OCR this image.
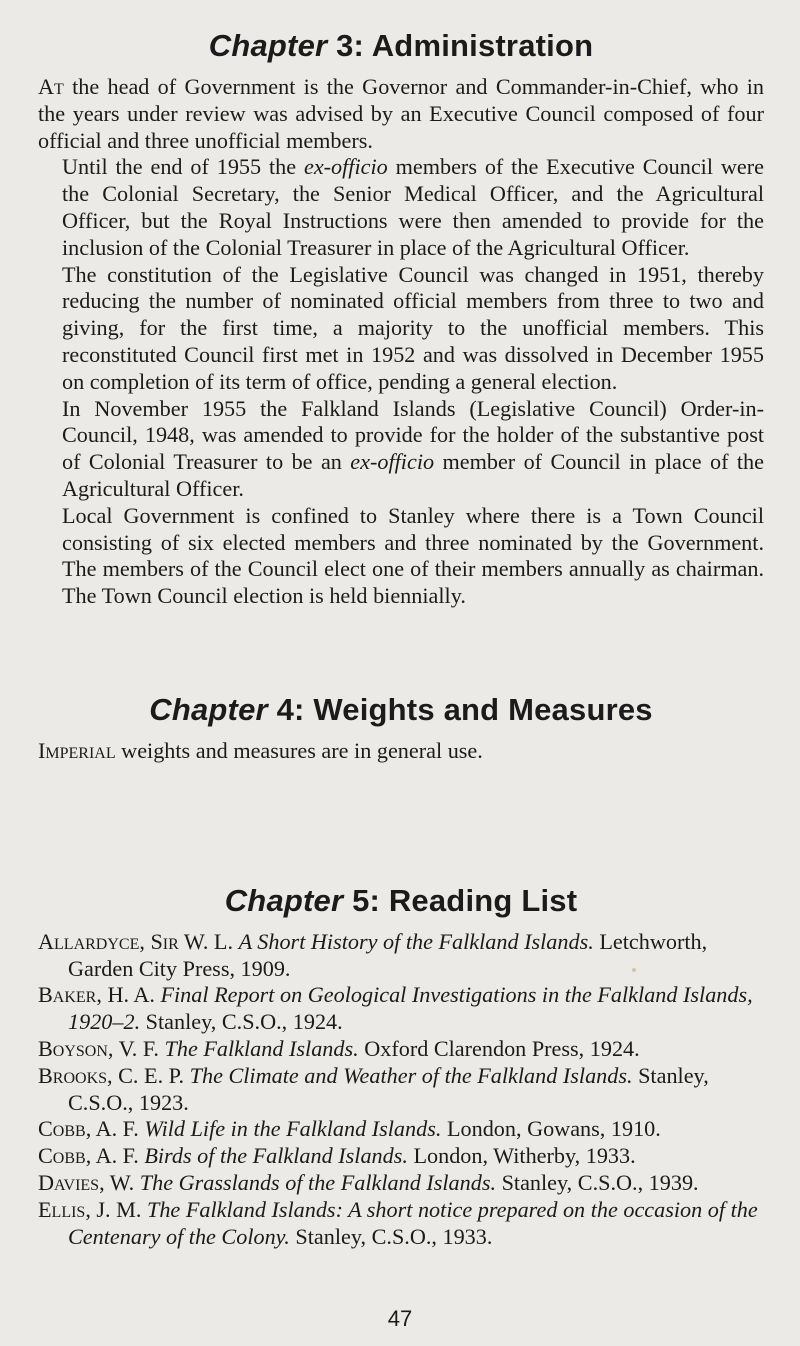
Chapter 3: Administration

At the head of Government is the Governor and Commander-in-Chief, who in the years under review was advised by an Executive Council composed of four official and three unofficial members.

Until the end of 1955 the ex-officio members of the Executive Council were the Colonial Secretary, the Senior Medical Officer, and the Agricultural Officer, but the Royal Instructions were then amended to provide for the inclusion of the Colonial Treasurer in place of the Agricultural Officer.

The constitution of the Legislative Council was changed in 1951, thereby reducing the number of nominated official members from three to two and giving, for the first time, a majority to the unofficial members. This reconstituted Council first met in 1952 and was dissolved in December 1955 on completion of its term of office, pending a general election.

In November 1955 the Falkland Islands (Legislative Council) Order-in-Council, 1948, was amended to provide for the holder of the substantive post of Colonial Treasurer to be an ex-officio member of Council in place of the Agricultural Officer.

Local Government is confined to Stanley where there is a Town Council consisting of six elected members and three nominated by the Government. The members of the Council elect one of their members annually as chairman. The Town Council election is held biennially.

Chapter 4: Weights and Measures

Imperial weights and measures are in general use.

Chapter 5: Reading List
Allardyce, Sir W. L. A Short History of the Falkland Islands. Letchworth, Garden City Press, 1909.
Baker, H. A. Final Report on Geological Investigations in the Falkland Islands, 1920–2. Stanley, C.S.O., 1924.
Boyson, V. F. The Falkland Islands. Oxford Clarendon Press, 1924.
Brooks, C. E. P. The Climate and Weather of the Falkland Islands. Stanley, C.S.O., 1923.
Cobb, A. F. Wild Life in the Falkland Islands. London, Gowans, 1910.
Cobb, A. F. Birds of the Falkland Islands. London, Witherby, 1933.
Davies, W. The Grasslands of the Falkland Islands. Stanley, C.S.O., 1939.
Ellis, J. M. The Falkland Islands: A short notice prepared on the occasion of the Centenary of the Colony. Stanley, C.S.O., 1933.
47
